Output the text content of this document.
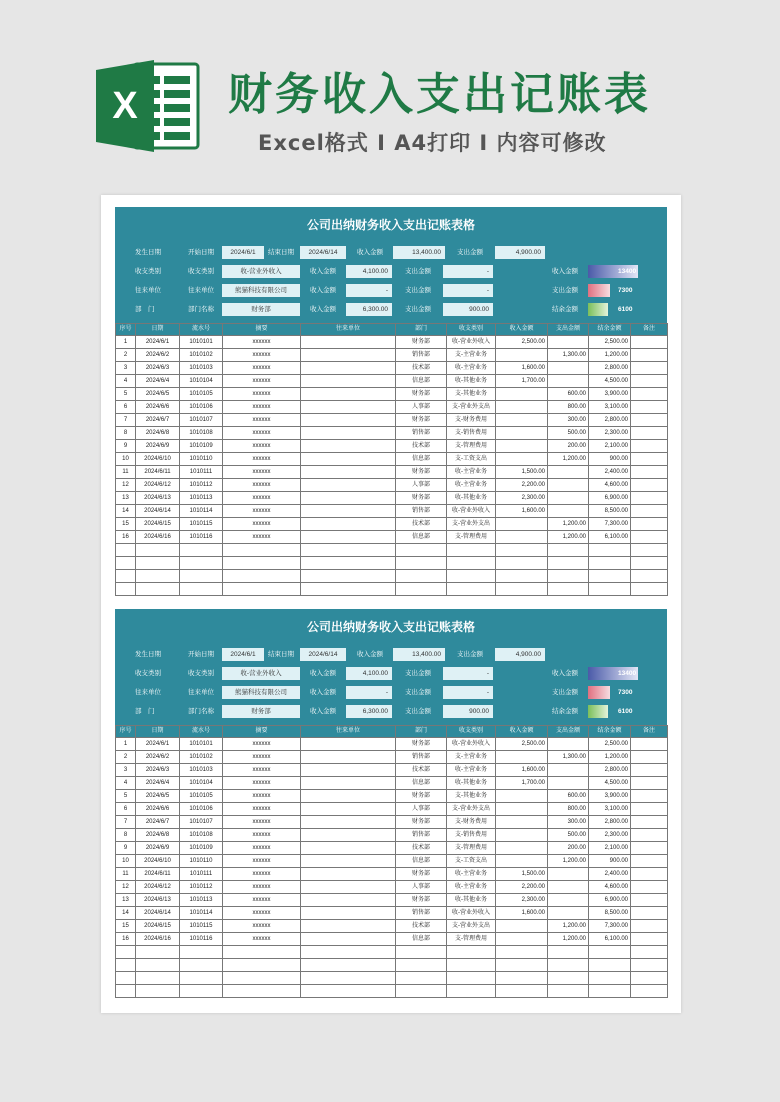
X 财务收入支出记账表
Excel格式 I A4打印 I 内容可修改
公司出纳财务收入支出记账表格
发生日期	开始日期	2024/6/1	结束日期	2024/6/14	收入金额	13,400.00	支出金额	4,900.00
收支类别	收支类别	收-营业外收入	收入金额	4,100.00	支出金额	-	收入金额	13400
往来单位	往来单位	熊猫科技有限公司	收入金额	-	支出金额	-	支出金额	7300
部　门	部门名称	财务部	收入金额	6,300.00	支出金额	900.00	结余金额	6100
序号	日期	流水号	摘要	往来单位	部门	收支类别	收入金额	支出金额	结余金额	备注
1	2024/6/1	1010101	xxxxxx		财务部	收-营业外收入	2,500.00		2,500.00	
2	2024/6/2	1010102	xxxxxx		销售部	支-主营业务		1,300.00	1,200.00	
3	2024/6/3	1010103	xxxxxx		技术部	收-主营业务	1,600.00		2,800.00	
4	2024/6/4	1010104	xxxxxx		信息部	收-其他业务	1,700.00		4,500.00	
5	2024/6/5	1010105	xxxxxx		财务部	支-其他业务		600.00	3,900.00	
6	2024/6/6	1010106	xxxxxx		人事部	支-营业外支出		800.00	3,100.00	
7	2024/6/7	1010107	xxxxxx		财务部	支-财务费用		300.00	2,800.00	
8	2024/6/8	1010108	xxxxxx		销售部	支-销售费用		500.00	2,300.00	
9	2024/6/9	1010109	xxxxxx		技术部	支-管理费用		200.00	2,100.00	
10	2024/6/10	1010110	xxxxxx		信息部	支-工资支出		1,200.00	900.00	
11	2024/6/11	1010111	xxxxxx		财务部	收-主营业务	1,500.00		2,400.00	
12	2024/6/12	1010112	xxxxxx		人事部	收-主营业务	2,200.00		4,600.00	
13	2024/6/13	1010113	xxxxxx		财务部	收-其他业务	2,300.00		6,900.00	
14	2024/6/14	1010114	xxxxxx		销售部	收-营业外收入	1,600.00		8,500.00	
15	2024/6/15	1010115	xxxxxx		技术部	支-营业外支出		1,200.00	7,300.00	
16	2024/6/16	1010116	xxxxxx		信息部	支-管理费用		1,200.00	6,100.00	

公司出纳财务收入支出记账表格
发生日期	开始日期	2024/6/1	结束日期	2024/6/14	收入金额	13,400.00	支出金额	4,900.00
收支类别	收支类别	收-营业外收入	收入金额	4,100.00	支出金额	-	收入金额	13400
往来单位	往来单位	熊猫科技有限公司	收入金额	-	支出金额	-	支出金额	7300
部　门	部门名称	财务部	收入金额	6,300.00	支出金额	900.00	结余金额	6100
序号	日期	流水号	摘要	往来单位	部门	收支类别	收入金额	支出金额	结余金额	备注
1	2024/6/1	1010101	xxxxxx		财务部	收-营业外收入	2,500.00		2,500.00	
2	2024/6/2	1010102	xxxxxx		销售部	支-主营业务		1,300.00	1,200.00	
3	2024/6/3	1010103	xxxxxx		技术部	收-主营业务	1,600.00		2,800.00	
4	2024/6/4	1010104	xxxxxx		信息部	收-其他业务	1,700.00		4,500.00	
5	2024/6/5	1010105	xxxxxx		财务部	支-其他业务		600.00	3,900.00	
6	2024/6/6	1010106	xxxxxx		人事部	支-营业外支出		800.00	3,100.00	
7	2024/6/7	1010107	xxxxxx		财务部	支-财务费用		300.00	2,800.00	
8	2024/6/8	1010108	xxxxxx		销售部	支-销售费用		500.00	2,300.00	
9	2024/6/9	1010109	xxxxxx		技术部	支-管理费用		200.00	2,100.00	
10	2024/6/10	1010110	xxxxxx		信息部	支-工资支出		1,200.00	900.00	
11	2024/6/11	1010111	xxxxxx		财务部	收-主营业务	1,500.00		2,400.00	
12	2024/6/12	1010112	xxxxxx		人事部	收-主营业务	2,200.00		4,600.00	
13	2024/6/13	1010113	xxxxxx		财务部	收-其他业务	2,300.00		6,900.00	
14	2024/6/14	1010114	xxxxxx		销售部	收-营业外收入	1,600.00		8,500.00	
15	2024/6/15	1010115	xxxxxx		技术部	支-营业外支出		1,200.00	7,300.00	
16	2024/6/16	1010116	xxxxxx		信息部	支-管理费用		1,200.00	6,100.00	
